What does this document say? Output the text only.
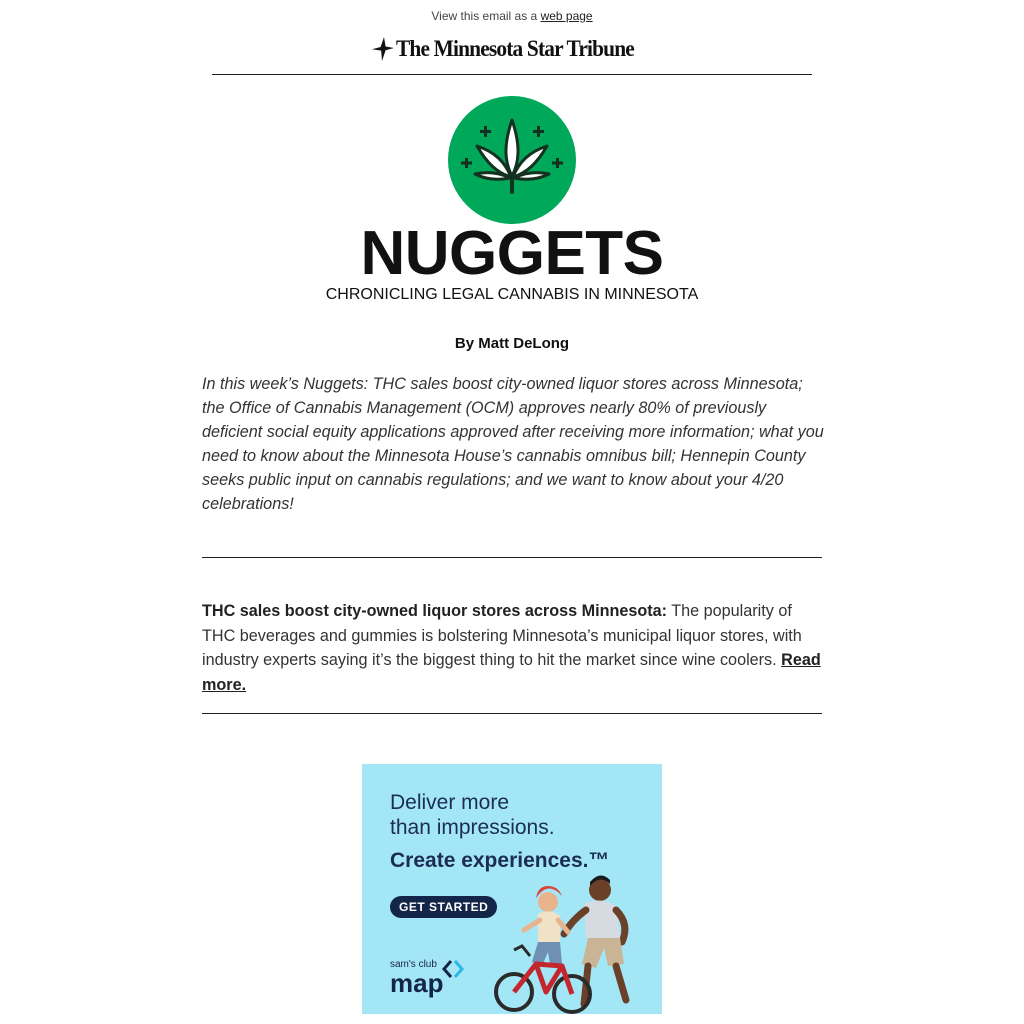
View this email as a web page
The Minnesota Star Tribune
NUGGETS
CHRONICLING LEGAL CANNABIS IN MINNESOTA
By Matt DeLong

In this week’s Nuggets: THC sales boost city-owned liquor stores across Minnesota; the Office of Cannabis Management (OCM) approves nearly 80% of previously deficient social equity applications approved after receiving more information; what you need to know about the Minnesota House’s cannabis omnibus bill; Hennepin County seeks public input on cannabis regulations; and we want to know about your 4/20 celebrations!

THC sales boost city-owned liquor stores across Minnesota: The popularity of THC beverages and gummies is bolstering Minnesota’s municipal liquor stores, with industry experts saying it’s the biggest thing to hit the market since wine coolers. Read more.

Deliver more
than impressions.
Create experiences.™
GET STARTED
sam's club
map
